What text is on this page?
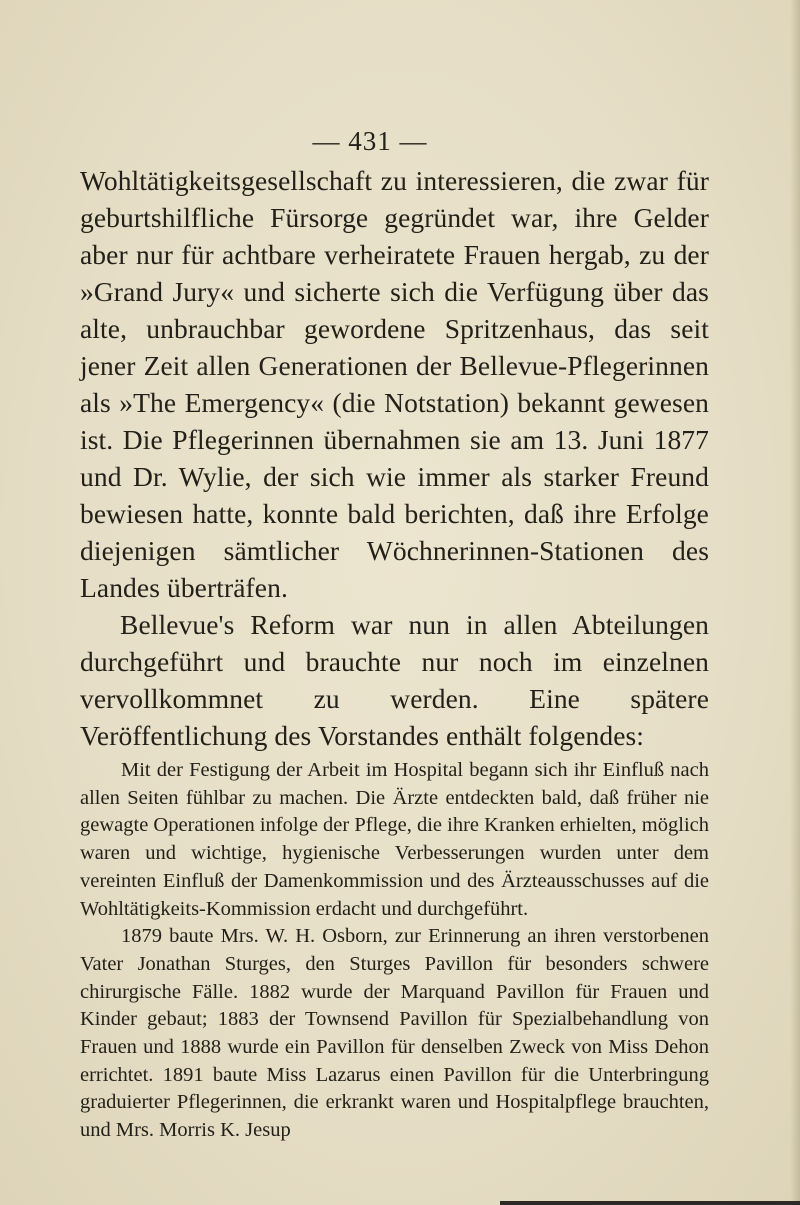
— 431 —

Wohltätigkeitsgesellschaft zu interessieren, die zwar für geburtshilfliche Fürsorge gegründet war, ihre Gelder aber nur für achtbare verheiratete Frauen hergab, zu der »Grand Jury« und sicherte sich die Verfügung über das alte, unbrauchbar gewordene Spritzenhaus, das seit jener Zeit allen Generationen der Bellevue-Pflegerinnen als »The Emergency« (die Notstation) bekannt gewesen ist. Die Pflegerinnen übernahmen sie am 13. Juni 1877 und Dr. Wylie, der sich wie immer als starker Freund bewiesen hatte, konnte bald berichten, daß ihre Erfolge diejenigen sämtlicher Wöchnerinnen-Stationen des Landes überträfen.

Bellevue's Reform war nun in allen Abteilungen durchgeführt und brauchte nur noch im einzelnen vervollkommnet zu werden. Eine spätere Veröffentlichung des Vorstandes enthält folgendes:

Mit der Festigung der Arbeit im Hospital begann sich ihr Einfluß nach allen Seiten fühlbar zu machen. Die Ärzte entdeckten bald, daß früher nie gewagte Operationen infolge der Pflege, die ihre Kranken erhielten, möglich waren und wichtige, hygienische Verbesserungen wurden unter dem vereinten Einfluß der Damenkommission und des Ärzteausschusses auf die Wohltätigkeits-Kommission erdacht und durchgeführt.

1879 baute Mrs. W. H. Osborn, zur Erinnerung an ihren verstorbenen Vater Jonathan Sturges, den Sturges Pavillon für besonders schwere chirurgische Fälle. 1882 wurde der Marquand Pavillon für Frauen und Kinder gebaut; 1883 der Townsend Pavillon für Spezialbehandlung von Frauen und 1888 wurde ein Pavillon für denselben Zweck von Miss Dehon errichtet. 1891 baute Miss Lazarus einen Pavillon für die Unterbringung graduierter Pflegerinnen, die erkrankt waren und Hospitalpflege brauchten, und Mrs. Morris K. Jesup
